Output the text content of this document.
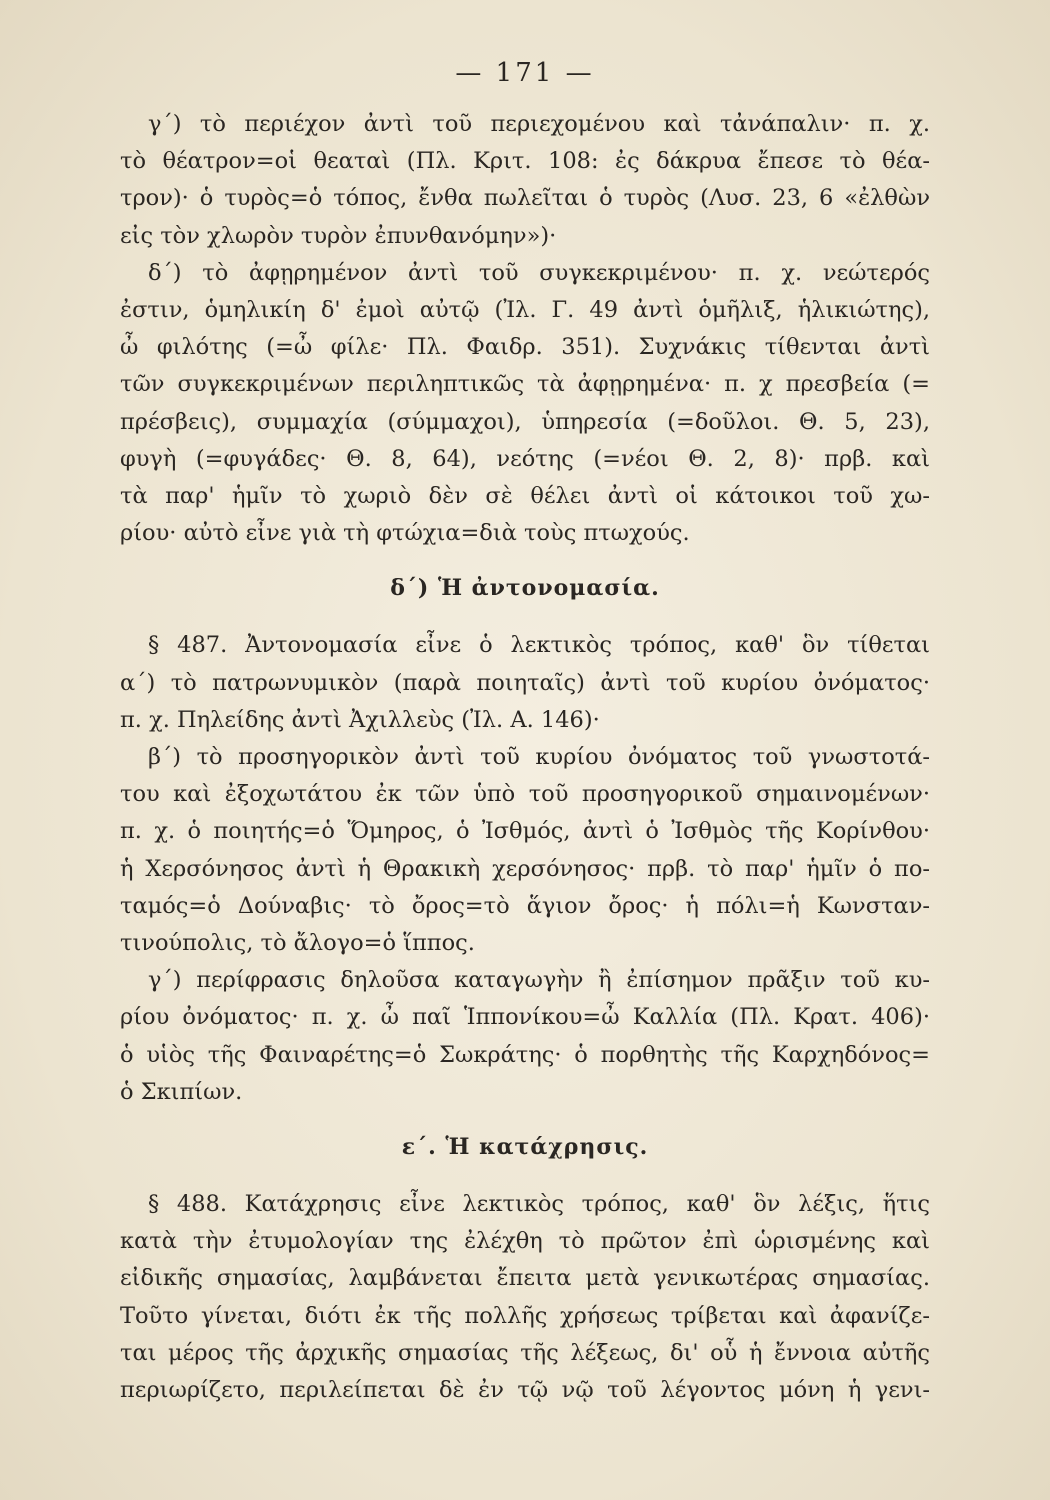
— 171 —

γ΄) τὸ περιέχον ἀντὶ τοῦ περιεχομένου καὶ τἀνάπαλιν· π. χ.

τὸ θέατρον=οἱ θεαταὶ (Πλ. Κριτ. 108: ἐς δάκρυα ἔπεσε τὸ θέα-

τρον)· ὁ τυρὸς=ὁ τόπος, ἔνθα πωλεῖται ὁ τυρὸς (Λυσ. 23, 6 «ἐλθὼν

εἰς τὸν χλωρὸν τυρὸν ἐπυνθανόμην»)·

δ΄) τὸ ἀφῃρημένον ἀντὶ τοῦ συγκεκριμένου· π. χ. νεώτερός

ἐστιν, ὁμηλικίη δ' ἐμοὶ αὐτῷ (Ἰλ. Γ. 49 ἀντὶ ὁμῆλιξ, ἡλικιώτης),

ὦ φιλότης (=ὦ φίλε· Πλ. Φαιδρ. 351). Συχνάκις τίθενται ἀντὶ

τῶν συγκεκριμένων περιληπτικῶς τὰ ἀφῃρημένα· π. χ πρεσβεία (=

πρέσβεις), συμμαχία (σύμμαχοι), ὑπηρεσία (=δοῦλοι. Θ. 5, 23),

φυγὴ (=φυγάδες· Θ. 8, 64), νεότης (=νέοι Θ. 2, 8)· πρβ. καὶ

τὰ παρ' ἡμῖν τὸ χωριὸ δὲν σὲ θέλει ἀντὶ οἱ κάτοικοι τοῦ χω-

ρίου· αὐτὸ εἶνε γιὰ τὴ φτώχια=διὰ τοὺς πτωχούς.

δ΄) Ἡ ἀντονομασία.

§ 487. Ἀντονομασία εἶνε ὁ λεκτικὸς τρόπος, καθ' ὃν τίθεται

α΄) τὸ πατρωνυμικὸν (παρὰ ποιηταῖς) ἀντὶ τοῦ κυρίου ὀνόματος·

π. χ. Πηλείδης ἀντὶ Ἀχιλλεὺς (Ἰλ. Α. 146)·

β΄) τὸ προσηγορικὸν ἀντὶ τοῦ κυρίου ὀνόματος τοῦ γνωστοτά-

του καὶ ἐξοχωτάτου ἐκ τῶν ὑπὸ τοῦ προσηγορικοῦ σημαινομένων·

π. χ. ὁ ποιητής=ὁ Ὅμηρος, ὁ Ἰσθμός, ἀντὶ ὁ Ἰσθμὸς τῆς Κορίνθου·

ἡ Χερσόνησος ἀντὶ ἡ Θρακικὴ χερσόνησος· πρβ. τὸ παρ' ἡμῖν ὁ πο-

ταμός=ὁ Δούναβις· τὸ ὄρος=τὸ ἅγιον ὄρος· ἡ πόλι=ἡ Κωνσταν-

τινούπολις, τὸ ἄλογο=ὁ ἵππος.

γ΄) περίφρασις δηλοῦσα καταγωγὴν ἢ ἐπίσημον πρᾶξιν τοῦ κυ-

ρίου ὀνόματος· π. χ. ὦ παῖ Ἱππονίκου=ὦ Καλλία (Πλ. Κρατ. 406)·

ὁ υἱὸς τῆς Φαιναρέτης=ὁ Σωκράτης· ὁ πορθητὴς τῆς Καρχηδόνος=

ὁ Σκιπίων.

ε΄. Ἡ κατάχρησις.

§ 488. Κατάχρησις εἶνε λεκτικὸς τρόπος, καθ' ὃν λέξις, ἥτις

κατὰ τὴν ἐτυμολογίαν της ἐλέχθη τὸ πρῶτον ἐπὶ ὡρισμένης καὶ

εἰδικῆς σημασίας, λαμβάνεται ἔπειτα μετὰ γενικωτέρας σημασίας.

Τοῦτο γίνεται, διότι ἐκ τῆς πολλῆς χρήσεως τρίβεται καὶ ἀφανίζε-

ται μέρος τῆς ἀρχικῆς σημασίας τῆς λέξεως, δι' οὗ ἡ ἔννοια αὐτῆς

περιωρίζετο, περιλείπεται δὲ ἐν τῷ νῷ τοῦ λέγοντος μόνη ἡ γενι-
